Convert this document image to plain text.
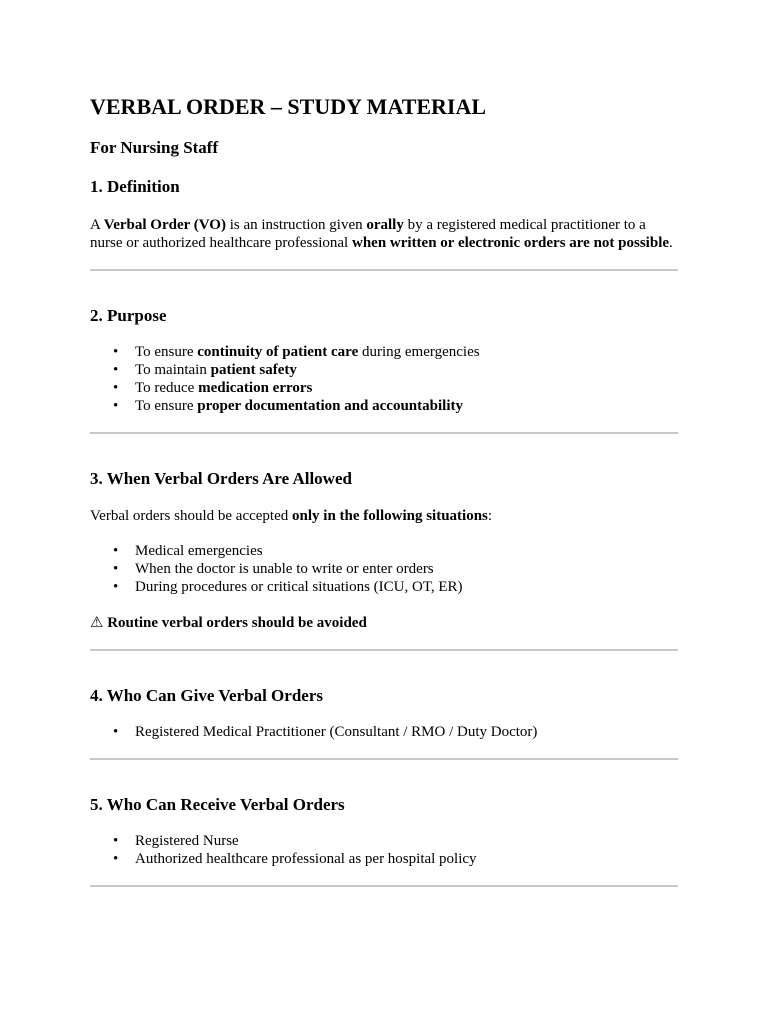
VERBAL ORDER – STUDY MATERIAL
For Nursing Staff
1. Definition

A Verbal Order (VO) is an instruction given orally by a registered medical practitioner to a nurse or authorized healthcare professional when written or electronic orders are not possible.

2. Purpose
• To ensure continuity of patient care during emergencies
• To maintain patient safety
• To reduce medication errors
• To ensure proper documentation and accountability
3. When Verbal Orders Are Allowed

Verbal orders should be accepted only in the following situations:

• Medical emergencies
• When the doctor is unable to write or enter orders
• During procedures or critical situations (ICU, OT, ER)

⚠ Routine verbal orders should be avoided

4. Who Can Give Verbal Orders
• Registered Medical Practitioner (Consultant / RMO / Duty Doctor)
5. Who Can Receive Verbal Orders
• Registered Nurse
• Authorized healthcare professional as per hospital policy
